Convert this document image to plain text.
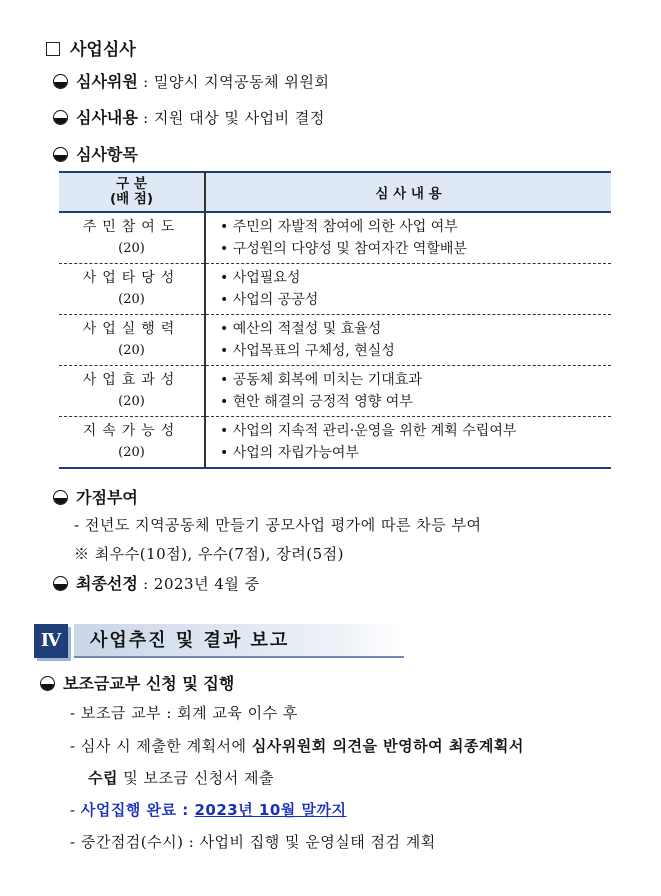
사업심사
심사위원 : 밀양시 지역공동체 위원회
심사내용 : 지원 대상 및 사업비 결정
심사항목
구 분
(배 점)	심 사 내 용
주민참여도
(20)	• 주민의 자발적 참여에 의한 사업 여부
• 구성원의 다양성 및 참여자간 역할배분

사업타당성
(20)	• 사업필요성
• 사업의 공공성

사업실행력
(20)	• 예산의 적절성 및 효율성
• 사업목표의 구체성, 현실성

사업효과성
(20)	• 공동체 회복에 미치는 기대효과
• 현안 해결의 긍정적 영향 여부

지속가능성
(20)	• 사업의 지속적 관리·운영을 위한 계획 수립여부
• 사업의 자립가능여부
가점부여
- 전년도 지역공동체 만들기 공모사업 평가에 따른 차등 부여
※ 최우수(10점), 우수(7점), 장려(5점)
최종선정 : 2023년 4월 중
Ⅳ	사업추진 및 결과 보고
보조금교부 신청 및 집행
- 보조금 교부 : 회계 교육 이수 후
- 심사 시 제출한 계획서에 심사위원회 의견을 반영하여 최종계획서
수립 및 보조금 신청서 제출
- 사업집행 완료 : 2023년 10월 말까지
- 중간점검(수시) : 사업비 집행 및 운영실태 점검 계획
